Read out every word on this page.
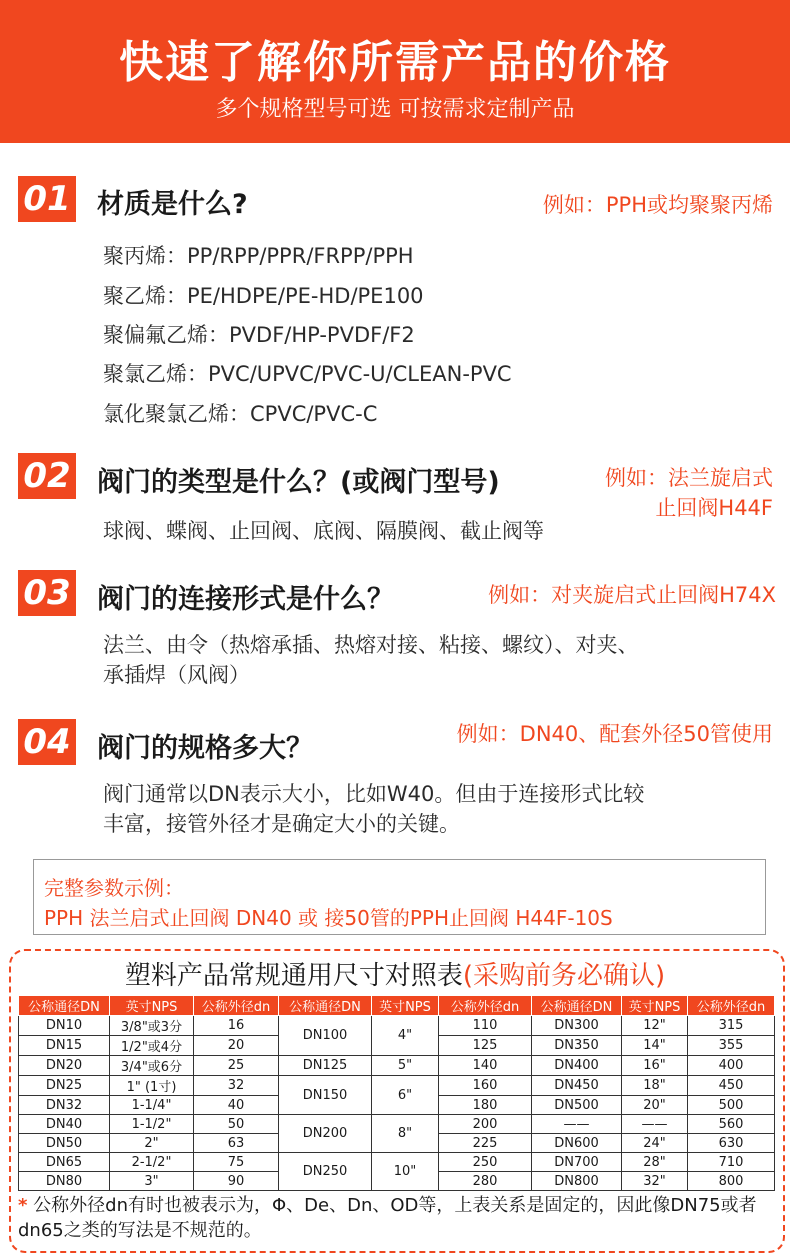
快速了解你所需产品的价格
多个规格型号可选 可按需求定制产品
01 材质是什么?	例如：PPH或均聚聚丙烯
聚丙烯：PP/RPP/PPR/FRPP/PPH
聚乙烯：PE/HDPE/PE-HD/PE100
聚偏氟乙烯：PVDF/HP-PVDF/F2
聚氯乙烯：PVC/UPVC/PVC-U/CLEAN-PVC
氯化聚氯乙烯：CPVC/PVC-C
02 阀门的类型是什么？(或阀门型号)	例如：法兰旋启式
止回阀H44F
球阀、蝶阀、止回阀、底阀、隔膜阀、截止阀等
03 阀门的连接形式是什么？	例如：对夹旋启式止回阀H74X
法兰、由令（热熔承插、热熔对接、粘接、螺纹）、对夹、
承插焊（风阀）
04 阀门的规格多大？	例如：DN40、配套外径50管使用
阀门通常以DN表示大小，比如W40。但由于连接形式比较
丰富，接管外径才是确定大小的关键。
完整参数示例：
PPH 法兰启式止回阀 DN40 或 接50管的PPH止回阀 H44F-10S
塑料产品常规通用尺寸对照表(采购前务必确认)
公称通径DN	英寸NPS	公称外径dn	公称通径DN	英寸NPS	公称外径dn	公称通径DN	英寸NPS	公称外径dn
DN10	3/8"或3分	16	DN100	4"	110	DN300	12"	315
DN15	1/2"或4分	20			125	DN350	14"	355
DN20	3/4"或6分	25	DN125	5"	140	DN400	16"	400
DN25	1" (1寸)	32	DN150	6"	160	DN450	18"	450
DN32	1-1/4"	40			180	DN500	20"	500
DN40	1-1/2"	50	DN200	8"	200	——	——	560
DN50	2"	63			225	DN600	24"	630
DN65	2-1/2"	75	DN250	10"	250	DN700	28"	710
DN80	3"	90			280	DN800	32"	800
* 公称外径dn有时也被表示为，Φ、De、Dn、OD等，上表关系是固定的，因此像DN75或者dn65之类的写法是不规范的。
